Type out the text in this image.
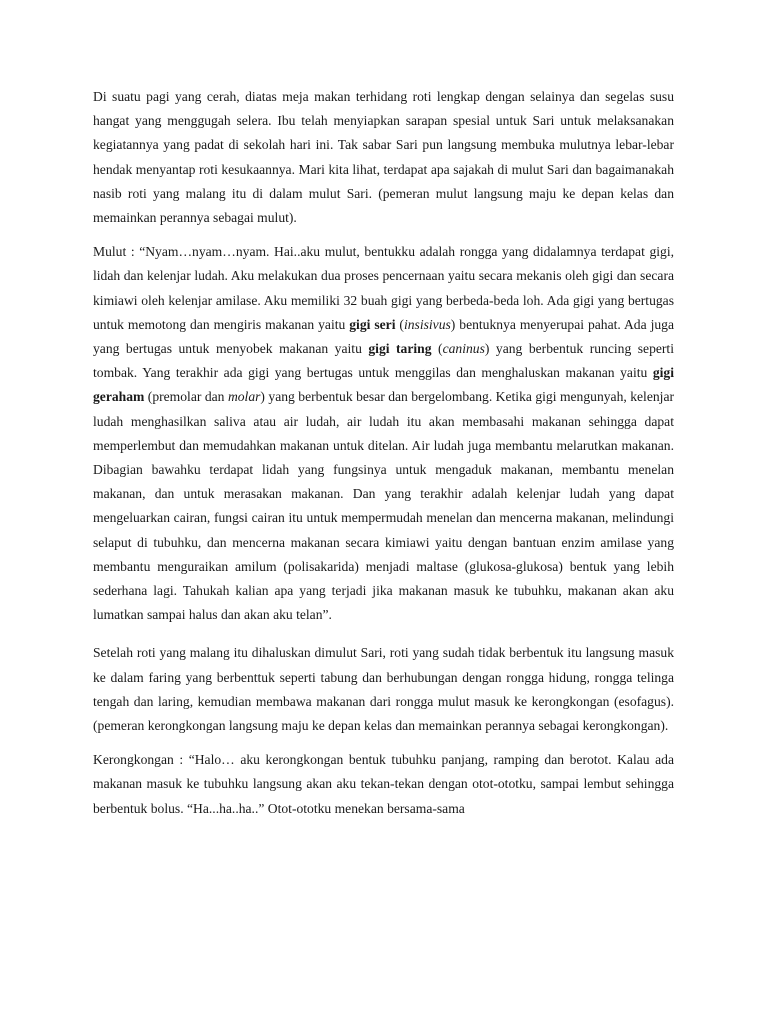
Di suatu pagi yang cerah, diatas meja makan terhidang roti lengkap dengan selainya dan segelas susu hangat yang menggugah selera. Ibu telah menyiapkan sarapan spesial untuk Sari untuk melaksanakan kegiatannya yang padat di sekolah hari ini. Tak sabar Sari pun langsung membuka mulutnya lebar-lebar hendak menyantap roti kesukaannya. Mari kita lihat, terdapat apa sajakah di mulut Sari dan bagaimanakah nasib roti yang malang itu di dalam mulut Sari. (pemeran mulut langsung maju ke depan kelas dan memainkan perannya sebagai mulut).

Mulut : “Nyam…nyam…nyam. Hai..aku mulut, bentukku adalah rongga yang didalamnya terdapat gigi, lidah dan kelenjar ludah. Aku melakukan dua proses pencernaan yaitu secara mekanis oleh gigi dan secara kimiawi oleh kelenjar amilase. Aku memiliki 32 buah gigi yang berbeda-beda loh. Ada gigi yang bertugas untuk memotong dan mengiris makanan yaitu gigi seri (insisivus) bentuknya menyerupai pahat. Ada juga yang bertugas untuk menyobek makanan yaitu gigi taring (caninus) yang berbentuk runcing seperti tombak. Yang terakhir ada gigi yang bertugas untuk menggilas dan menghaluskan makanan yaitu gigi geraham (premolar dan molar) yang berbentuk besar dan bergelombang. Ketika gigi mengunyah, kelenjar ludah menghasilkan saliva atau air ludah, air ludah itu akan membasahi makanan sehingga dapat memperlembut dan memudahkan makanan untuk ditelan. Air ludah juga membantu melarutkan makanan. Dibagian bawahku terdapat lidah yang fungsinya untuk mengaduk makanan, membantu menelan makanan, dan untuk merasakan makanan. Dan yang terakhir adalah kelenjar ludah yang dapat mengeluarkan cairan, fungsi cairan itu untuk mempermudah menelan dan mencerna makanan, melindungi selaput di tubuhku, dan mencerna makanan secara kimiawi yaitu dengan bantuan enzim amilase yang membantu menguraikan amilum (polisakarida) menjadi maltase (glukosa-glukosa) bentuk yang lebih sederhana lagi. Tahukah kalian apa yang terjadi jika makanan masuk ke tubuhku, makanan akan aku lumatkan sampai halus dan akan aku telan”.

Setelah roti yang malang itu dihaluskan dimulut Sari, roti yang sudah tidak berbentuk itu langsung masuk ke dalam faring yang berbenttuk seperti tabung dan berhubungan dengan rongga hidung, rongga telinga tengah dan laring, kemudian membawa makanan dari rongga mulut masuk ke kerongkongan (esofagus). (pemeran kerongkongan langsung maju ke depan kelas dan memainkan perannya sebagai kerongkongan).

Kerongkongan : “Halo… aku kerongkongan bentuk tubuhku panjang, ramping dan berotot. Kalau ada makanan masuk ke tubuhku langsung akan aku tekan-tekan dengan otot-ototku, sampai lembut sehingga berbentuk bolus. “Ha...ha..ha..” Otot-ototku menekan bersama-sama
